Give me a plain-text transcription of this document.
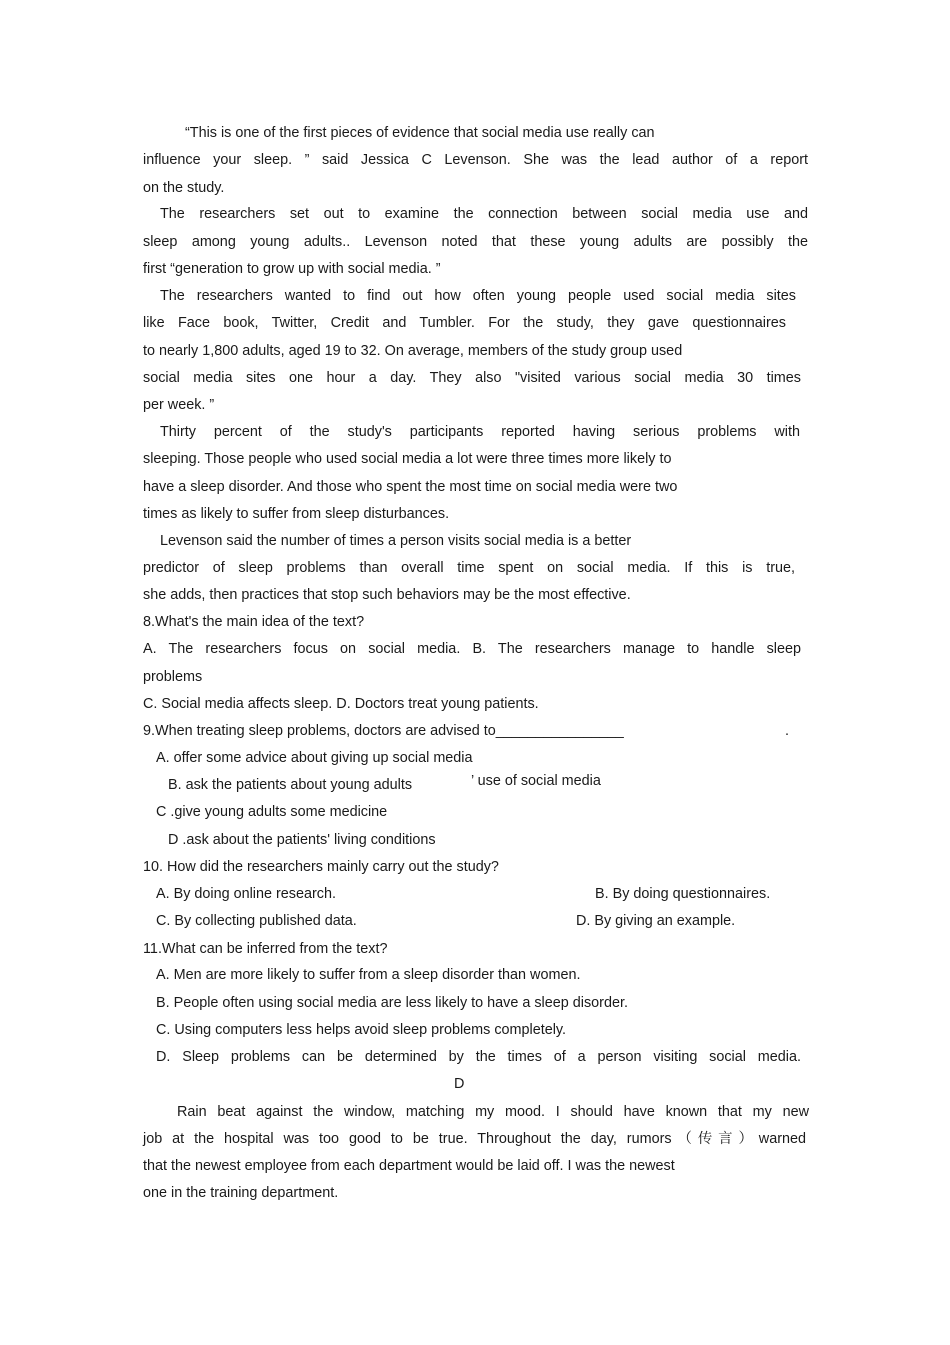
“This is one of the first pieces of evidence that social media use really can
influence your sleep. ” said Jessica C Levenson. She was the lead author of a report
on the study.
The researchers set out to examine the connection between social media use and
sleep among young adults.. Levenson noted that these young adults are possibly the
first “generation to grow up with social media. ”
The researchers wanted to find out how often young people used social media sites
like Face book, Twitter, Credit and Tumbler. For the study, they gave questionnaires
to nearly 1,800 adults, aged 19 to 32. On average, members of the study group used
social media sites one hour a day. They also "visited various social media 30 times
per week. ”
Thirty percent of the study's participants reported having serious problems with
sleeping. Those people who used social media a lot were three times more likely to
have a sleep disorder. And those who spent the most time on social media were two
times as likely to suffer from sleep disturbances.
Levenson said the number of times a person visits social media is a better
predictor of sleep problems than overall time spent on social media. If this is true,
she adds, then practices that stop such behaviors may be the most effective.
8.What's the main idea of the text?
A. The researchers focus on social media. B. The researchers manage to handle sleep
problems
C. Social media affects sleep. D. Doctors treat young patients.
9.When treating sleep problems, doctors are advised to________________	.
A. offer some advice about giving up social media
B. ask the patients about young adults	’ use of social media
C .give young adults some medicine
D .ask about the patients' living conditions
10. How did the researchers mainly carry out the study?
A. By doing online research.	B. By doing questionnaires.
C. By collecting published data.	D. By giving an example.
11.What can be inferred from the text?
A. Men are more likely to suffer from a sleep disorder than women.
B. People often using social media are less likely to have a sleep disorder.
C. Using computers less helps avoid sleep problems completely.
D. Sleep problems can be determined by the times of a person visiting social media.
D
Rain beat against the window, matching my mood. I should have known that my new
job at the hospital was too good to be true. Throughout the day, rumors（传言）warned
that the newest employee from each department would be laid off. I was the newest
one in the training department.
